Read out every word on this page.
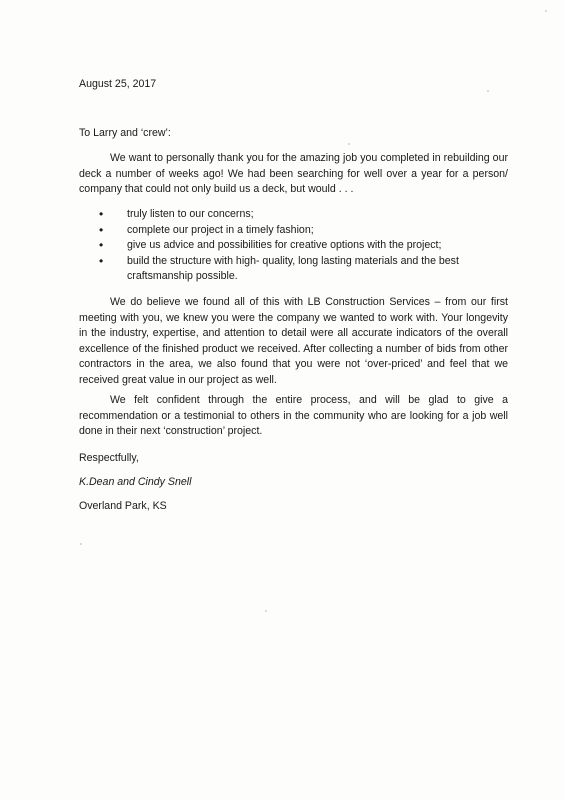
August 25, 2017
To Larry and ‘crew’:
We want to personally thank you for the amazing job you completed in rebuilding our deck a number of weeks ago! We had been searching for well over a year for a person/ company that could not only build us a deck, but would . . .
•	truly listen to our concerns;
•	complete our project in a timely fashion;
•	give us advice and possibilities for creative options with the project;
•	build the structure with high- quality, long lasting materials and the best craftsmanship possible.
We do believe we found all of this with LB Construction Services – from our first meeting with you, we knew you were the company we wanted to work with. Your longevity in the industry, expertise, and attention to detail were all accurate indicators of the overall excellence of the finished product we received. After collecting a number of bids from other contractors in the area, we also found that you were not ‘over-priced’ and feel that we received great value in our project as well.
We felt confident through the entire process, and will be glad to give a recommendation or a testimonial to others in the community who are looking for a job well done in their next ‘construction’ project.
Respectfully,
K.Dean and Cindy Snell
Overland Park, KS
